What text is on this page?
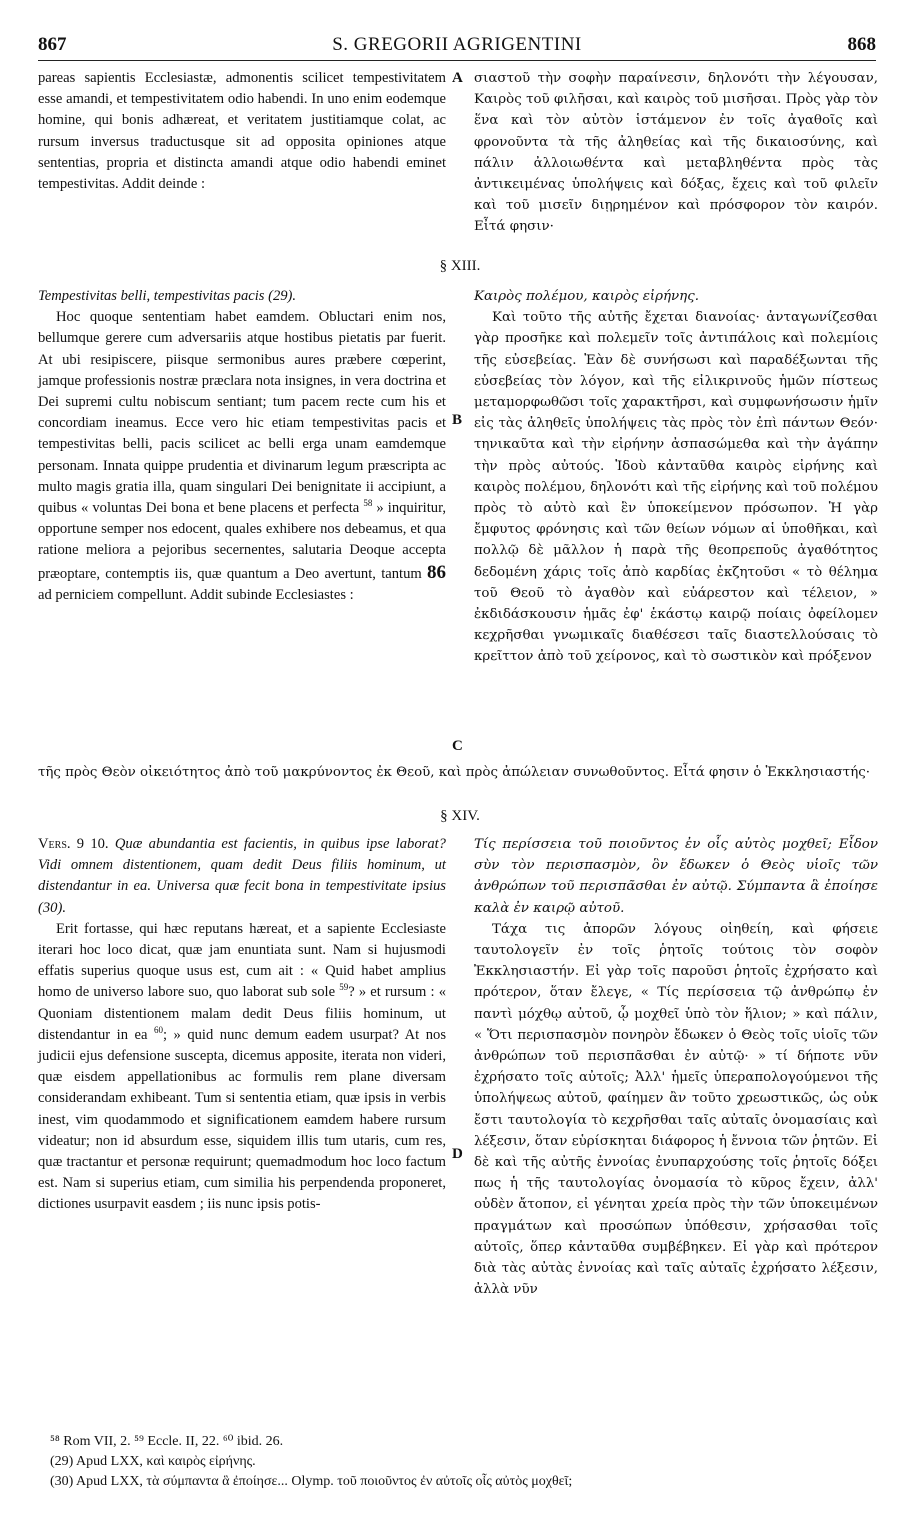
867	S. GREGORII AGRIGENTINI	868

pareas sapientis Ecclesiastæ, admonentis scilicet tempestivitatem esse amandi, et tempestivitatem odio habendi. In uno enim eodemque homine, qui bonis adhæreat, et veritatem justitiamque colat, ac rursum inversus traductusque sit ad opposita opiniones atque sententias, propria et distincta amandi atque odio habendi eminet tempestivitas. Addit deinde :

σιαστοῦ τὴν σοφὴν παραίνεσιν, δηλονότι τὴν λέγουσαν, Καιρὸς τοῦ φιλῆσαι, καὶ καιρὸς τοῦ μισῆσαι. Πρὸς γὰρ τὸν ἕνα καὶ τὸν αὐτὸν ἱστάμενον ἐν τοῖς ἀγαθοῖς καὶ φρονοῦντα τὰ τῆς ἀληθείας καὶ τῆς δικαιοσύνης, καὶ πάλιν ἀλλοιωθέντα καὶ μεταβληθέντα πρὸς τὰς ἀντικειμένας ὑπολήψεις καὶ δόξας, ἔχεις καὶ τοῦ φιλεῖν καὶ τοῦ μισεῖν διῃρημένον καὶ πρόσφορον τὸν καιρόν. Εἶτά φησιν·

A
§ XIII.

Tempestivitas belli, tempestivitas pacis (29).

Hoc quoque sententiam habet eamdem. Obluctari enim nos, bellumque gerere cum adversariis atque hostibus pietatis par fuerit. At ubi resipiscere, piisque sermonibus aures præbere cœperint, jamque professionis nostræ præclara nota insignes, in vera doctrina et Dei supremi cultu nobiscum sentiant; tum pacem recte cum his et concordiam ineamus. Ecce vero hic etiam tempestivitas pacis et tempestivitas belli, pacis scilicet ac belli erga unam eamdemque personam. Innata quippe prudentia et divinarum legum præscripta ac multo magis gratia illa, quam singulari Dei benignitate ii accipiunt, a quibus « voluntas Dei bona et bene placens et perfecta $^{58}$ » inquiritur, opportune semper nos edocent, quales exhibere nos debeamus, et qua ratione meliora a pejoribus secernentes, salutaria Deoque accepta præoptare, contemptis iis, quæ quantum a Deo avertunt, tantum 86 ad perniciem compellunt. Addit subinde Ecclesiastes :

Καιρὸς πολέμου, καιρὸς εἰρήνης.

Καὶ τοῦτο τῆς αὐτῆς ἔχεται διανοίας· ἀνταγωνίζεσθαι γὰρ προσῆκε καὶ πολεμεῖν τοῖς ἀντιπάλοις καὶ πολεμίοις τῆς εὐσεβείας. Ἐὰν δὲ συνήσωσι καὶ παραδέξωνται τῆς εὐσεβείας τὸν λόγον, καὶ τῆς εἰλικρινοῦς ἡμῶν πίστεως μεταμορφωθῶσι τοῖς χαρακτῆρσι, καὶ συμφωνήσωσιν ἡμῖν εἰς τὰς ἀληθεῖς ὑπολήψεις τὰς πρὸς τὸν ἐπὶ πάντων Θεόν· τηνικαῦτα καὶ τὴν εἰρήνην ἀσπασώμεθα καὶ τὴν ἀγάπην τὴν πρὸς αὐτούς. Ἰδοὺ κἀνταῦθα καιρὸς εἰρήνης καὶ καιρὸς πολέμου, δηλονότι καὶ τῆς εἰρήνης καὶ τοῦ πολέμου πρὸς τὸ αὐτὸ καὶ ἓν ὑποκείμενον πρόσωπον. Ἡ γὰρ ἔμφυτος φρόνησις καὶ τῶν θείων νόμων αἱ ὑποθῆκαι, καὶ πολλῷ δὲ μᾶλλον ἡ παρὰ τῆς θεοπρεποῦς ἀγαθότητος δεδομένη χάρις τοῖς ἀπὸ καρδίας ἐκζητοῦσι « τὸ θέλημα τοῦ Θεοῦ τὸ ἀγαθὸν καὶ εὐάρεστον καὶ τέλειον, » ἐκδιδάσκουσιν ἡμᾶς ἐφ' ἑκάστῳ καιρῷ ποίαις ὀφείλομεν κεχρῆσθαι γνωμικαῖς διαθέσεσι ταῖς διαστελλούσαις τὸ κρεῖττον ἀπὸ τοῦ χείρονος, καὶ τὸ σωστικὸν καὶ πρόξενον

B
C

τῆς πρὸς Θεὸν οἰκειότητος ἀπὸ τοῦ μακρύνοντος ἐκ Θεοῦ, καὶ πρὸς ἀπώλειαν συνωθοῦντος. Εἶτά φησιν ὁ Ἐκκλησιαστής·

§ XIV.

Vers. 9 10. Quæ abundantia est facientis, in quibus ipse laborat? Vidi omnem distentionem, quam dedit Deus filiis hominum, ut distendantur in ea. Universa quæ fecit bona in tempestivitate ipsius (30).

Erit fortasse, qui hæc reputans hæreat, et a sapiente Ecclesiaste iterari hoc loco dicat, quæ jam enuntiata sunt. Nam si hujusmodi effatis superius quoque usus est, cum ait : « Quid habet amplius homo de universo labore suo, quo laborat sub sole $^{59}$? » et rursum : « Quoniam distentionem malam dedit Deus filiis hominum, ut distendantur in ea $^{60}$; » quid nunc demum eadem usurpat? At nos judicii ejus defensione suscepta, dicemus apposite, iterata non videri, quæ eisdem appellationibus ac formulis rem plane diversam considerandam exhibeant. Tum si sententia etiam, quæ ipsis in verbis inest, vim quodammodo et significationem eamdem habere rursum videatur; non id absurdum esse, siquidem illis tum utaris, cum res, quæ tractantur et personæ requirunt; quemadmodum hoc loco factum est. Nam si superius etiam, cum similia his perpendenda proponeret, dictiones usurpavit easdem ; iis nunc ipsis potis-

Τίς περίσσεια τοῦ ποιοῦντος ἐν οἷς αὐτὸς μοχθεῖ; Εἶδον σὺν τὸν περισπασμὸν, ὃν ἔδωκεν ὁ Θεὸς υἱοῖς τῶν ἀνθρώπων τοῦ περισπᾶσθαι ἐν αὐτῷ. Σύμπαντα ἃ ἐποίησε καλὰ ἐν καιρῷ αὐτοῦ.

Τάχα τις ἀπορῶν λόγους οἰηθείη, καὶ φήσειε ταυτολογεῖν ἐν τοῖς ῥητοῖς τούτοις τὸν σοφὸν Ἐκκλησιαστήν. Εἰ γὰρ τοῖς παροῦσι ῥητοῖς ἐχρήσατο καὶ πρότερον, ὅταν ἔλεγε, « Τίς περίσσεια τῷ ἀνθρώπῳ ἐν παντὶ μόχθῳ αὐτοῦ, ᾧ μοχθεῖ ὑπὸ τὸν ἥλιον; » καὶ πάλιν, « Ὅτι περισπασμὸν πονηρὸν ἔδωκεν ὁ Θεὸς τοῖς υἱοῖς τῶν ἀνθρώπων τοῦ περισπᾶσθαι ἐν αὐτῷ· » τί δήποτε νῦν ἐχρήσατο τοῖς αὐτοῖς; Ἀλλ' ἡμεῖς ὑπεραπολογούμενοι τῆς ὑπολήψεως αὐτοῦ, φαίημεν ἂν τοῦτο χρεωστικῶς, ὡς οὐκ ἔστι ταυτολογία τὸ κεχρῆσθαι ταῖς αὐταῖς ὀνομασίαις καὶ λέξεσιν, ὅταν εὑρίσκηται διάφορος ἡ ἔννοια τῶν ῥητῶν. Εἰ δὲ καὶ τῆς αὐτῆς ἐννοίας ἐνυπαρχούσης τοῖς ῥητοῖς δόξει πως ἡ τῆς ταυτολογίας ὀνομασία τὸ κῦρος ἔχειν, ἀλλ' οὐδὲν ἄτοπον, εἰ γένηται χρεία πρὸς τὴν τῶν ὑποκειμένων πραγμάτων καὶ προσώπων ὑπόθεσιν, χρήσασθαι τοῖς αὐτοῖς, ὅπερ κἀνταῦθα συμβέβηκεν. Εἰ γὰρ καὶ πρότερον διὰ τὰς αὐτὰς ἐννοίας καὶ ταῖς αὐταῖς ἐχρήσατο λέξεσιν, ἀλλὰ νῦν

D
⁵⁸ Rom VII, 2. ⁵⁹ Eccle. II, 22. ⁶⁰ ibid. 26.
(29) Apud LXX, καὶ καιρὸς εἰρήνης.
(30) Apud LXX, τὰ σύμπαντα ἃ ἐποίησε... Olymp. τοῦ ποιοῦντος ἐν αὐτοῖς οἷς αὐτὸς μοχθεῖ;
